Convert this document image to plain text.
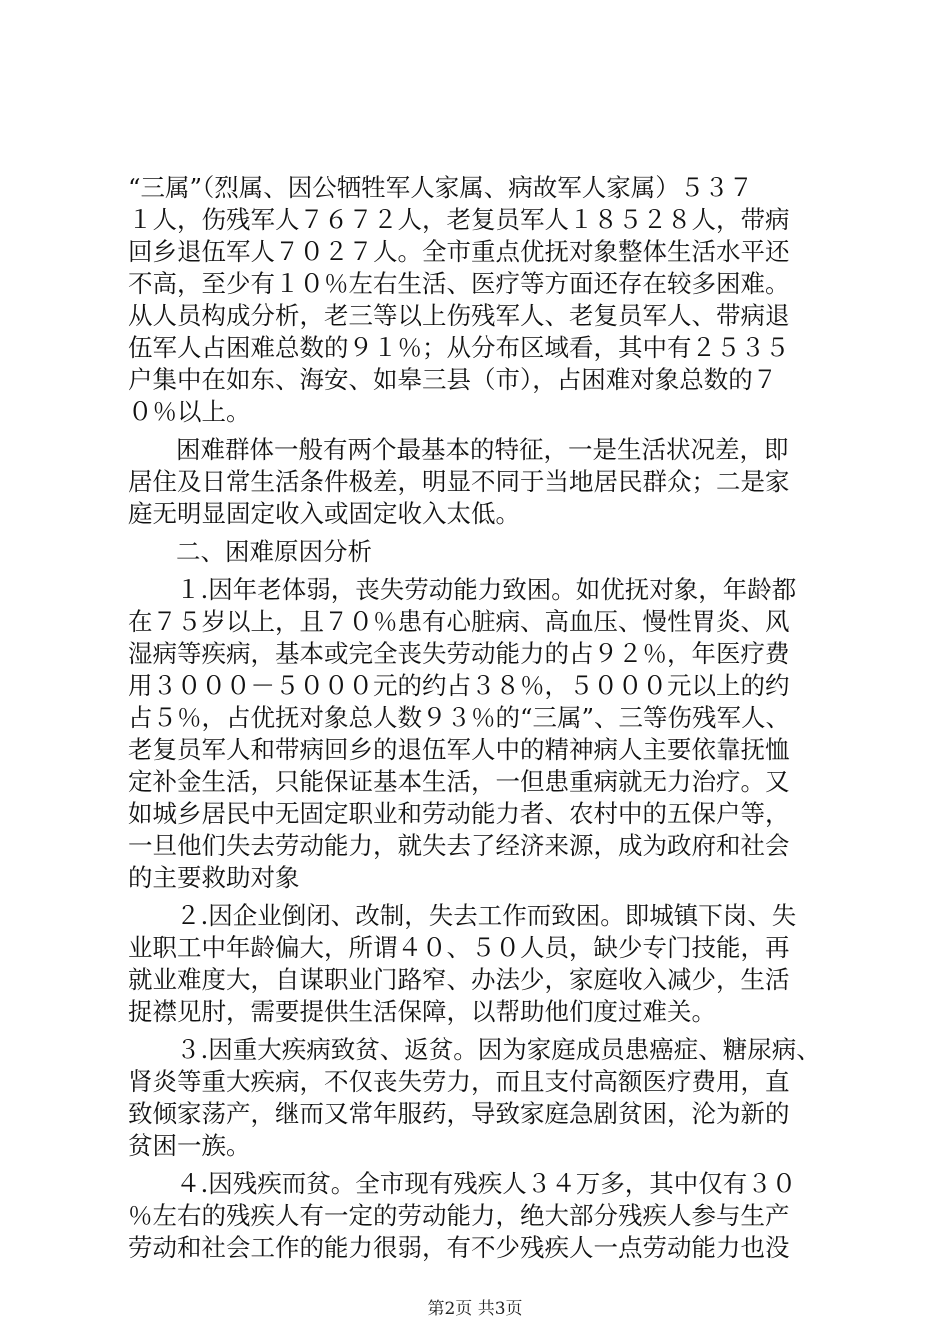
“三属”（烈属、因公牺牲军人家属、病故军人家属）５３７
１人，伤残军人７６７２人，老复员军人１８５２８人，带病
回乡退伍军人７０２７人。全市重点优抚对象整体生活水平还
不高，至少有１０％左右生活、医疗等方面还存在较多困难。
从人员构成分析，老三等以上伤残军人、老复员军人、带病退
伍军人占困难总数的９１％；从分布区域看，其中有２５３５
户集中在如东、海安、如皋三县（市），占困难对象总数的７
０％以上。
困难群体一般有两个最基本的特征，一是生活状况差，即
居住及日常生活条件极差，明显不同于当地居民群众；二是家
庭无明显固定收入或固定收入太低。
二、困难原因分析
１.因年老体弱，丧失劳动能力致困。如优抚对象，年龄都
在７５岁以上，且７０％患有心脏病、高血压、慢性胃炎、风
湿病等疾病，基本或完全丧失劳动能力的占９２％，年医疗费
用３０００－５０００元的约占３８％，５０００元以上的约
占５％，占优抚对象总人数９３％的“三属”、三等伤残军人、
老复员军人和带病回乡的退伍军人中的精神病人主要依靠抚恤
定补金生活，只能保证基本生活，一但患重病就无力治疗。又
如城乡居民中无固定职业和劳动能力者、农村中的五保户等，
一旦他们失去劳动能力，就失去了经济来源，成为政府和社会
的主要救助对象
２.因企业倒闭、改制，失去工作而致困。即城镇下岗、失
业职工中年龄偏大，所谓４０、５０人员，缺少专门技能，再
就业难度大，自谋职业门路窄、办法少，家庭收入减少，生活
捉襟见肘，需要提供生活保障，以帮助他们度过难关。
３.因重大疾病致贫、返贫。因为家庭成员患癌症、糖尿病、
肾炎等重大疾病，不仅丧失劳力，而且支付高额医疗费用，直
致倾家荡产，继而又常年服药，导致家庭急剧贫困，沦为新的
贫困一族。
４.因残疾而贫。全市现有残疾人３４万多，其中仅有３０
％左右的残疾人有一定的劳动能力，绝大部分残疾人参与生产
劳动和社会工作的能力很弱，有不少残疾人一点劳动能力也没
第2页 共3页
